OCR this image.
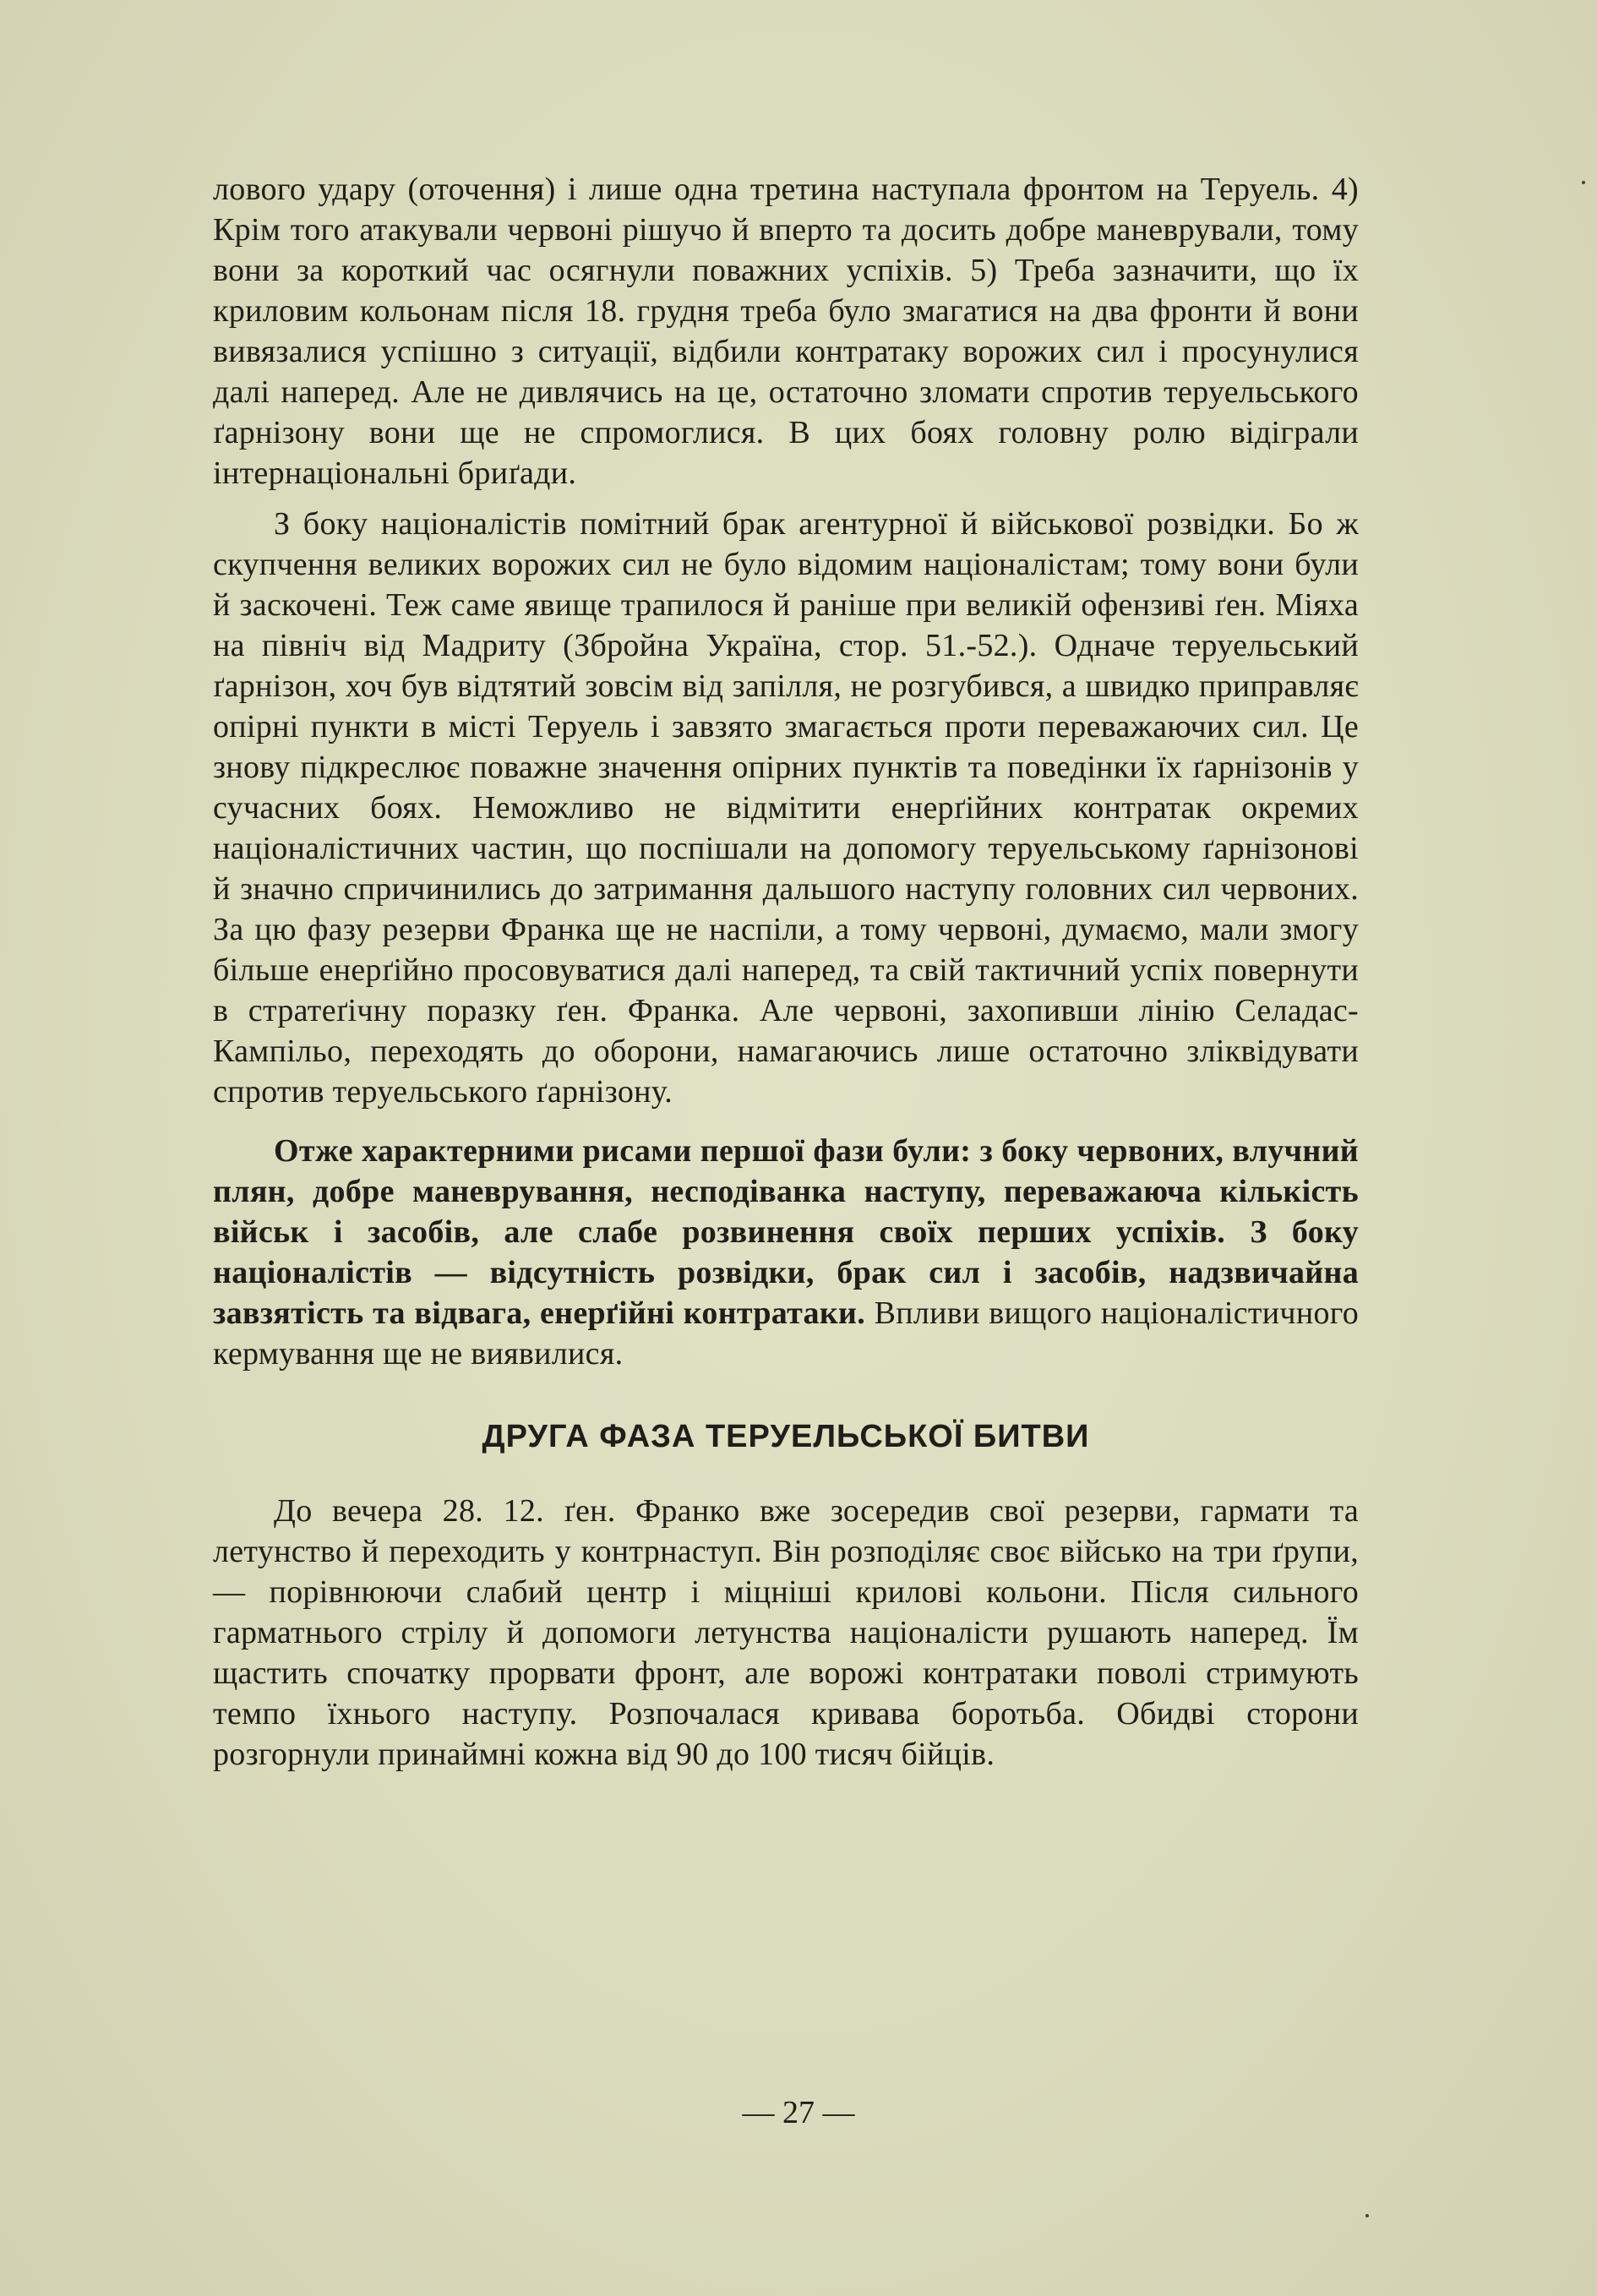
лового удару (оточення) і лише одна третина наступала фронтом на Теруель. 4) Крім того атакували червоні рішучо й вперто та досить добре маневрували, тому вони за короткий час осягнули поважних успіхів. 5) Треба зазначити, що їх криловим кольонам після 18. грудня треба було змагатися на два фронти й вони вивязалися успішно з ситуації, відбили контратаку ворожих сил і просунулися далі наперед. Але не дивлячись на це, остаточно зломати спротив теруельського ґарнізону вони ще не спромоглися. В цих боях головну ролю відіграли інтернаціональні бриґади.

З боку націоналістів помітний брак агентурної й військової розвідки. Бо ж скупчення великих ворожих сил не було відомим націоналістам; тому вони були й заскочені. Теж саме явище трапилося й раніше при великій офензиві ґен. Міяха на північ від Мадриту (Збройна Україна, стор. 51.-52.). Одначе теруельський ґарнізон, хоч був відтятий зовсім від запілля, не розгубився, а швидко приправляє опірні пункти в місті Теруель і завзято змагається проти переважаючих сил. Це знову підкреслює поважне значення опірних пунктів та поведінки їх ґарнізонів у сучасних боях. Неможливо не відмітити енерґійних контратак окремих націоналістичних частин, що поспішали на допомогу теруельському ґарнізонові й значно спричинились до затримання дальшого наступу головних сил червоних. За цю фазу резерви Франка ще не наспіли, а тому червоні, думаємо, мали змогу більше енерґійно просовуватися далі наперед, та свій тактичний успіх повернути в стратеґічну поразку ґен. Франка. Але червоні, захопивши лінію Селадас-Кампільо, переходять до оборони, намагаючись лише остаточно зліквідувати спротив теруельського ґарнізону.

Отже характерними рисами першої фази були: з боку червоних, влучний плян, добре маневрування, несподіванка наступу, переважаюча кількість військ і засобів, але слабе розвинення своїх перших успіхів. З боку націоналістів — відсутність розвідки, брак сил і засобів, надзвичайна завзятість та відвага, енерґійні контратаки. Впливи вищого націоналістичного кермування ще не виявилися.

ДРУГА ФАЗА ТЕРУЕЛЬСЬКОЇ БИТВИ

До вечера 28. 12. ґен. Франко вже зосередив свої резерви, гармати та летунство й переходить у контрнаступ. Він розподіляє своє військо на три ґрупи, — порівнюючи слабий центр і міцніші крилові кольони. Після сильного гарматнього стрілу й допомоги летунства націоналісти рушають наперед. Їм щастить спочатку прорвати фронт, але ворожі контратаки поволі стримують темпо їхнього наступу. Розпочалася кривава боротьба. Обидві сторони розгорнули принаймні кожна від 90 до 100 тисяч бійців.

— 27 —
